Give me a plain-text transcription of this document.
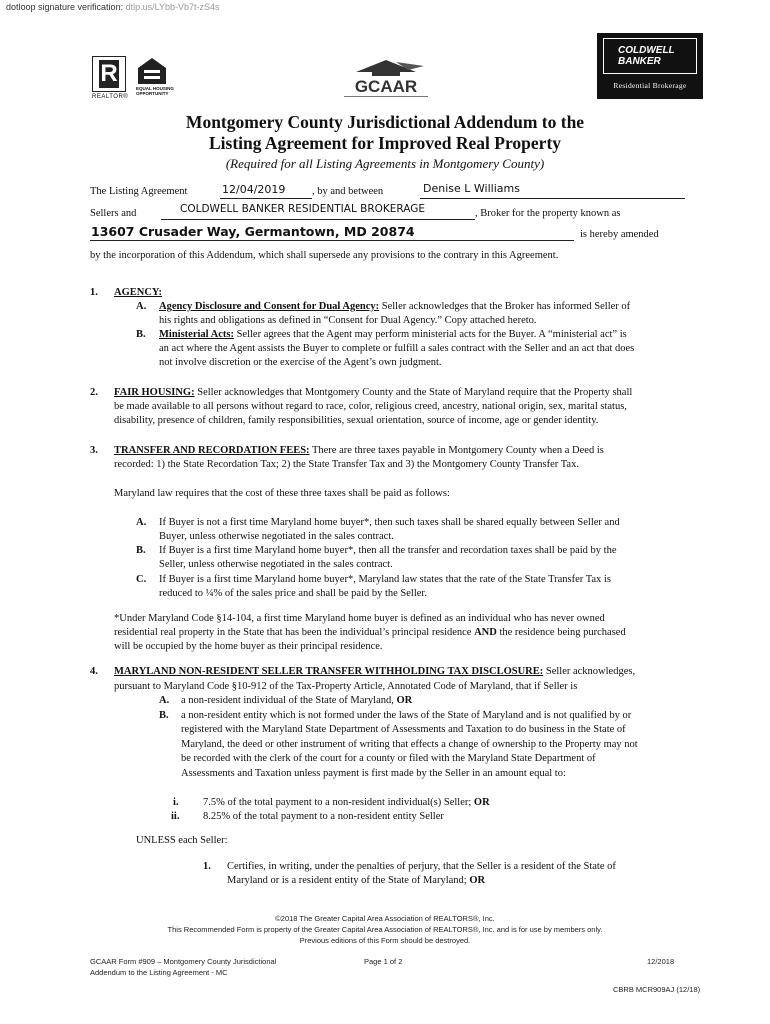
dotloop signature verification: dtlp.us/LYbb-Vb7t-zS4s
R
REALTOR®
EQUAL HOUSING
OPPORTUNITY	GCAAR
COLDWELL
BANKER
Residential Brokerage
Montgomery County Jurisdictional Addendum to the
Listing Agreement for Improved Real Property
(Required for all Listing Agreements in Montgomery County)
The Listing Agreement	12/04/2019	, by and between	Denise L Williams
Sellers and	COLDWELL BANKER RESIDENTIAL BROKERAGE	, Broker for the property known as
13607 Crusader Way, Germantown, MD 20874	is hereby amended
by the incorporation of this Addendum, which shall supersede any provisions to the contrary in this Agreement.
1. AGENCY:
A. Agency Disclosure and Consent for Dual Agency: Seller acknowledges that the Broker has informed Seller of
his rights and obligations as defined in “Consent for Dual Agency.” Copy attached hereto.
B. Ministerial Acts: Seller agrees that the Agent may perform ministerial acts for the Buyer. A “ministerial act” is
an act where the Agent assists the Buyer to complete or fulfill a sales contract with the Seller and an act that does
not involve discretion or the exercise of the Agent’s own judgment.
2. FAIR HOUSING: Seller acknowledges that Montgomery County and the State of Maryland require that the Property shall
be made available to all persons without regard to race, color, religious creed, ancestry, national origin, sex, marital status,
disability, presence of children, family responsibilities, sexual orientation, source of income, age or gender identity.
3. TRANSFER AND RECORDATION FEES: There are three taxes payable in Montgomery County when a Deed is
recorded: 1) the State Recordation Tax; 2) the State Transfer Tax and 3) the Montgomery County Transfer Tax.
Maryland law requires that the cost of these three taxes shall be paid as follows:
A. If Buyer is not a first time Maryland home buyer*, then such taxes shall be shared equally between Seller and
Buyer, unless otherwise negotiated in the sales contract.
B. If Buyer is a first time Maryland home buyer*, then all the transfer and recordation taxes shall be paid by the
Seller, unless otherwise negotiated in the sales contract.
C. If Buyer is a first time Maryland home buyer*, Maryland law states that the rate of the State Transfer Tax is
reduced to ¼% of the sales price and shall be paid by the Seller.
*Under Maryland Code §14-104, a first time Maryland home buyer is defined as an individual who has never owned
residential real property in the State that has been the individual’s principal residence AND the residence being purchased
will be occupied by the home buyer as their principal residence.
4. MARYLAND NON-RESIDENT SELLER TRANSFER WITHHOLDING TAX DISCLOSURE: Seller acknowledges,
pursuant to Maryland Code §10-912 of the Tax-Property Article, Annotated Code of Maryland, that if Seller is
A. a non-resident individual of the State of Maryland, OR
B. a non-resident entity which is not formed under the laws of the State of Maryland and is not qualified by or
registered with the Maryland State Department of Assessments and Taxation to do business in the State of
Maryland, the deed or other instrument of writing that effects a change of ownership to the Property may not
be recorded with the clerk of the court for a county or filed with the Maryland State Department of
Assessments and Taxation unless payment is first made by the Seller in an amount equal to:
i. 7.5% of the total payment to a non-resident individual(s) Seller; OR
ii. 8.25% of the total payment to a non-resident entity Seller
UNLESS each Seller:
1. Certifies, in writing, under the penalties of perjury, that the Seller is a resident of the State of
Maryland or is a resident entity of the State of Maryland; OR
©2018 The Greater Capital Area Association of REALTORS®, Inc.
This Recommended Form is property of the Greater Capital Area Association of REALTORS®, Inc. and is for use by members only.
Previous editions of this Form should be destroyed.
GCAAR Form #909 – Montgomery County Jurisdictional
Addendum to the Listing Agreement - MC
Page 1 of 2	12/2018
CBRB MCR909AJ (12/18)
